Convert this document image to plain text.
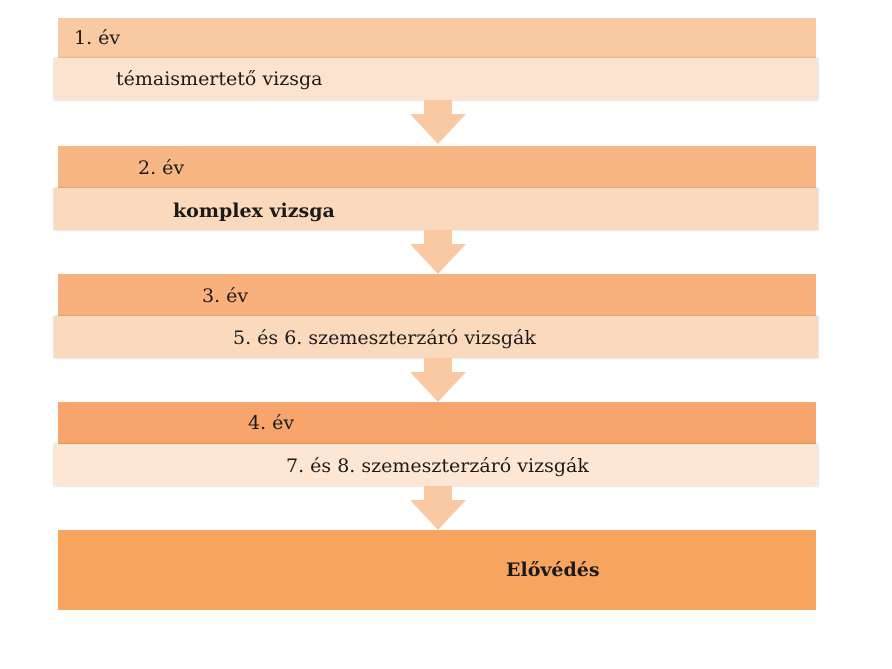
1. év
témaismertető vizsga
2. év
komplex vizsga
3. év
5. és 6. szemeszterzáró vizsgák
4. év
7. és 8. szemeszterzáró vizsgák
Elővédés
